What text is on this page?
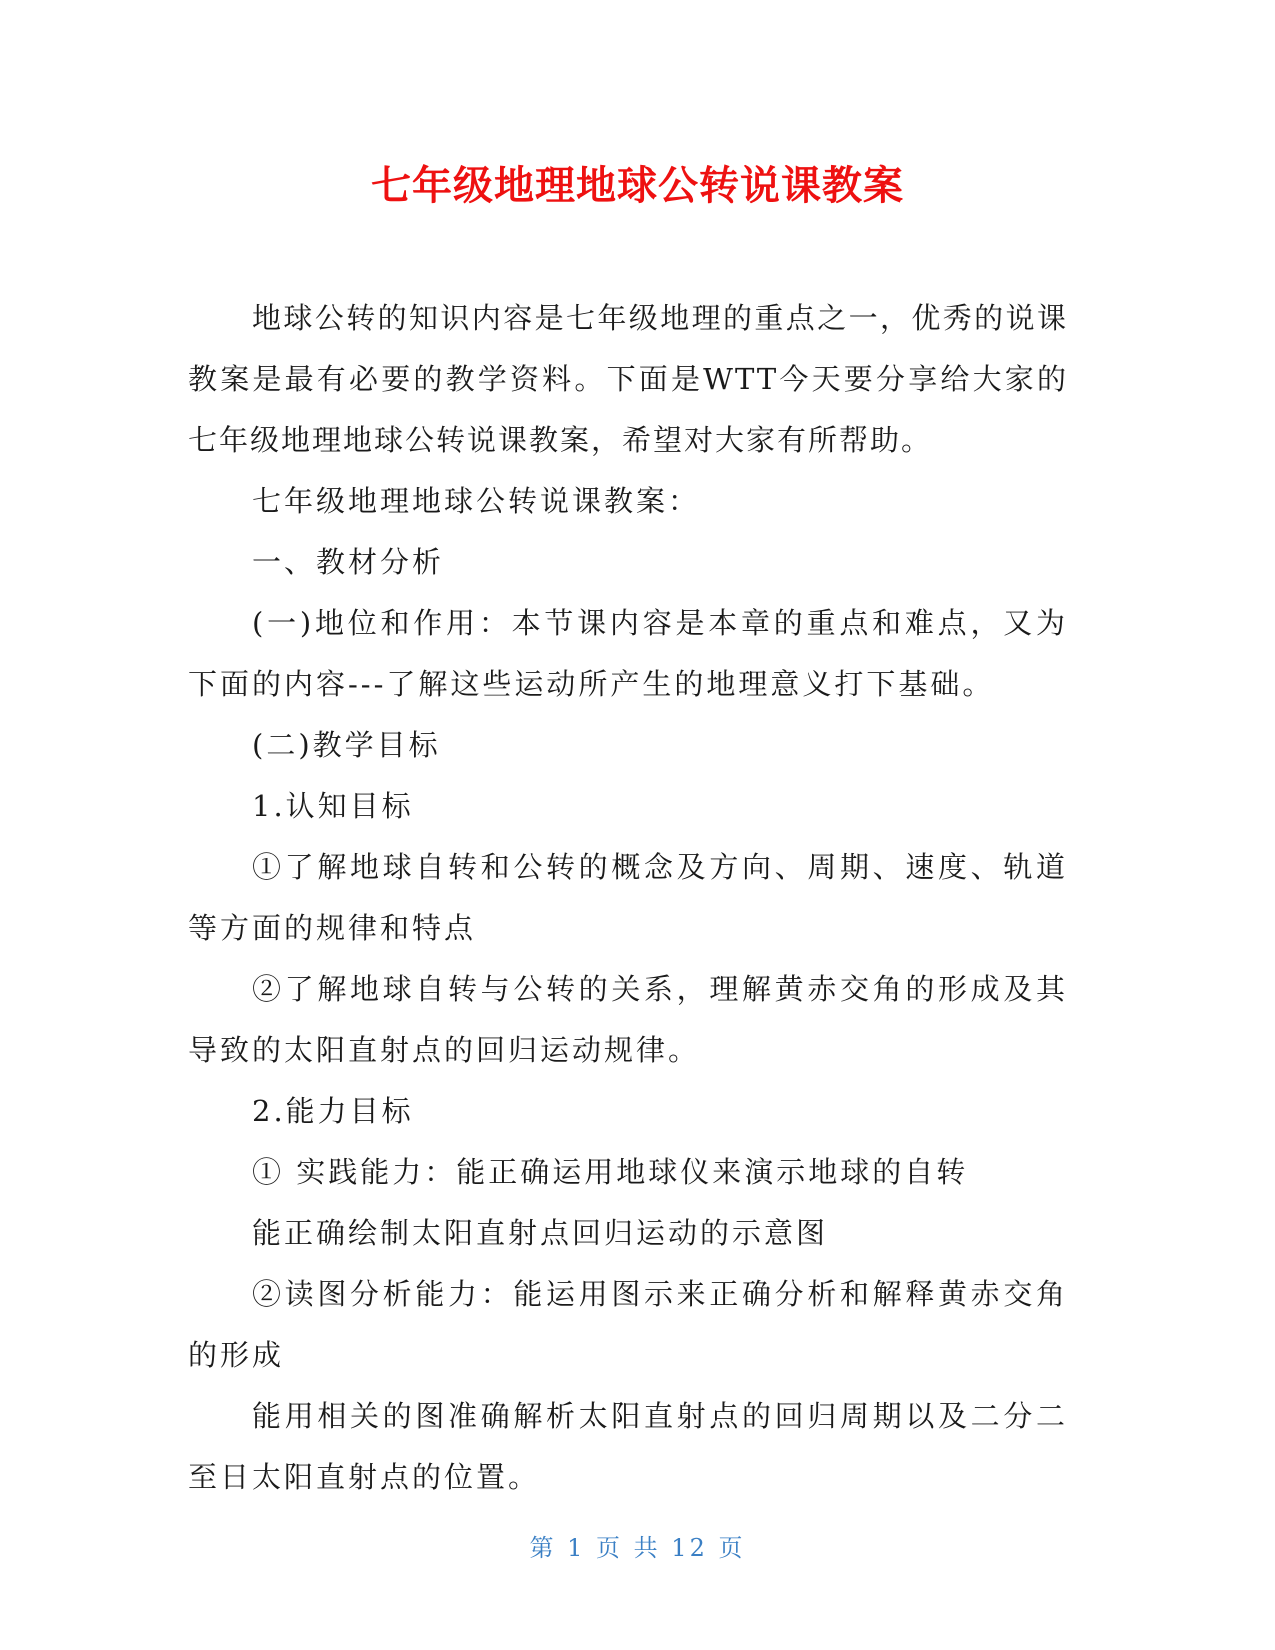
七年级地理地球公转说课教案

地球公转的知识内容是七年级地理的重点之一，优秀的说课教案是最有必要的教学资料。下面是WTT今天要分享给大家的七年级地理地球公转说课教案，希望对大家有所帮助。

七年级地理地球公转说课教案：

一、教材分析

(一)地位和作用：本节课内容是本章的重点和难点，又为下面的内容---了解这些运动所产生的地理意义打下基础。

(二)教学目标

1.认知目标

①了解地球自转和公转的概念及方向、周期、速度、轨道等方面的规律和特点

②了解地球自转与公转的关系，理解黄赤交角的形成及其导致的太阳直射点的回归运动规律。

2.能力目标

① 实践能力：能正确运用地球仪来演示地球的自转

能正确绘制太阳直射点回归运动的示意图

②读图分析能力：能运用图示来正确分析和解释黄赤交角的形成

能用相关的图准确解析太阳直射点的回归周期以及二分二至日太阳直射点的位置。

第 1 页 共 12 页
